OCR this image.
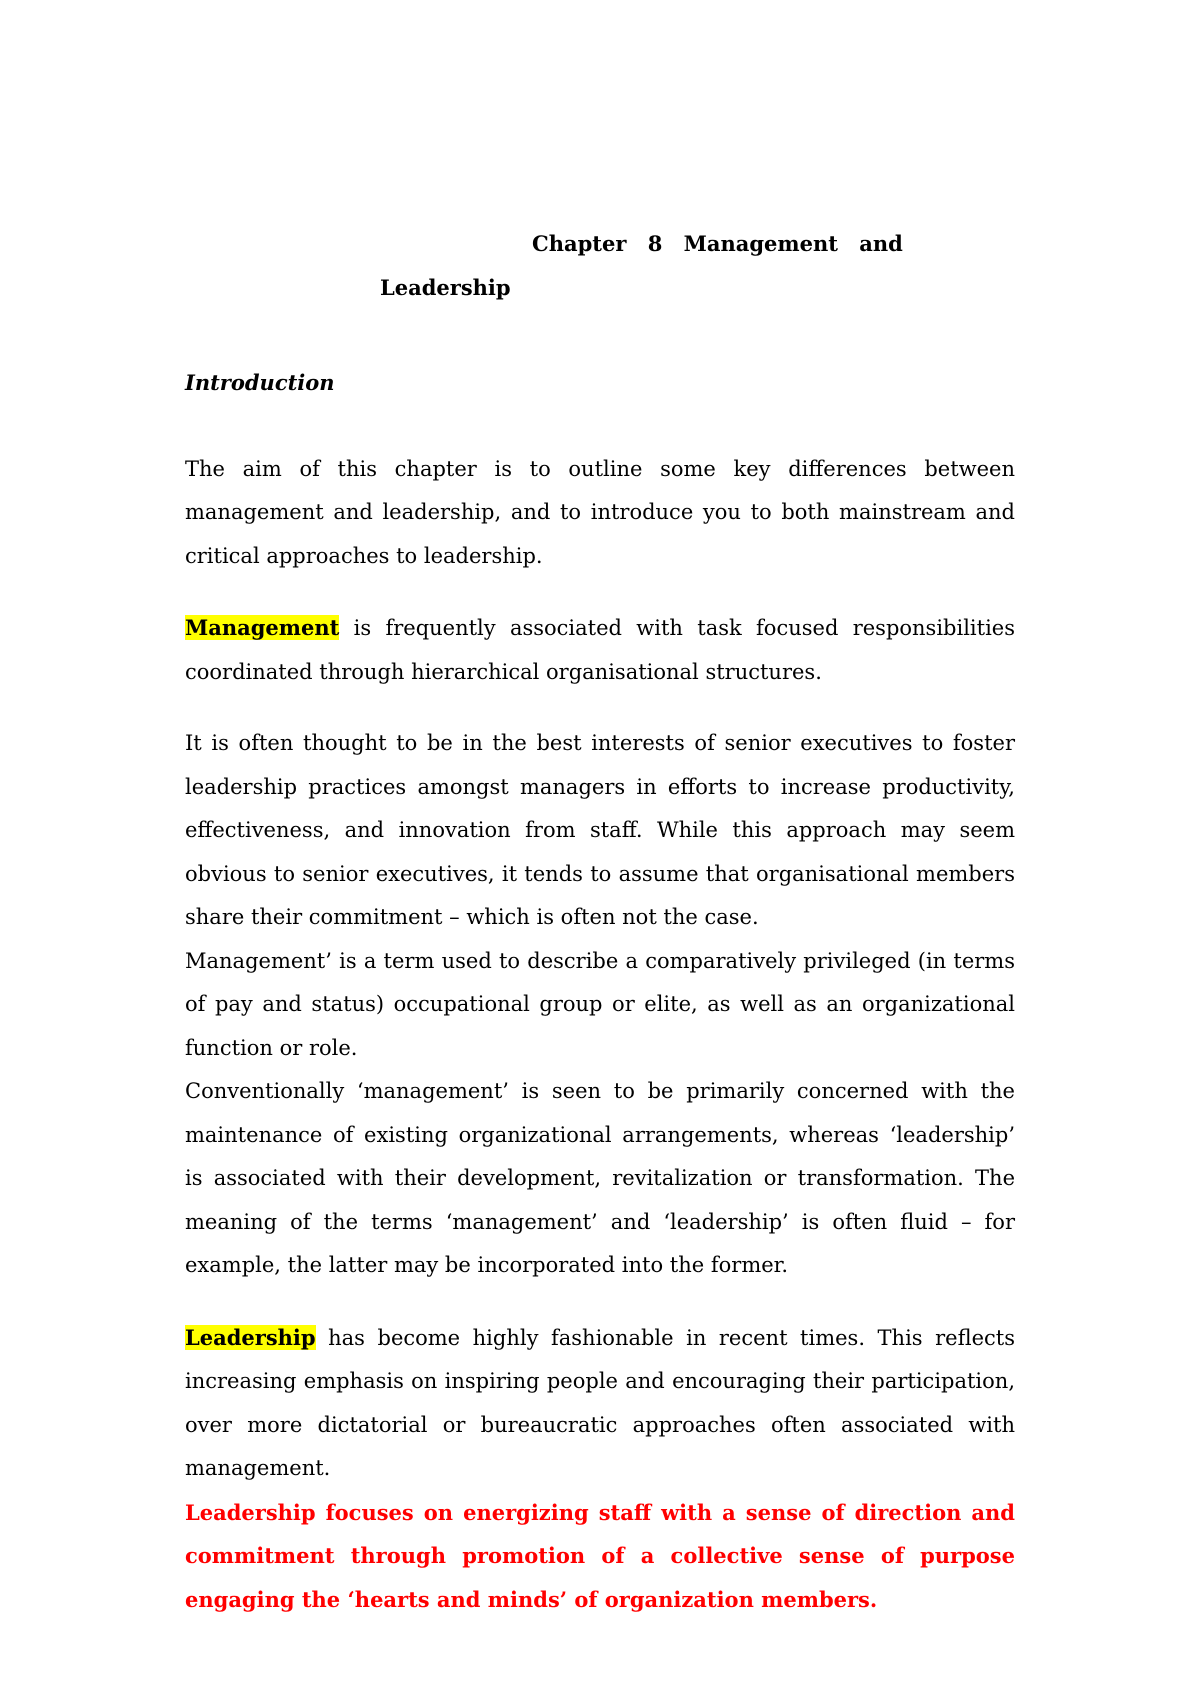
Chapter 8 Management and
Leadership
Introduction

The aim of this chapter is to outline some key differences between management and leadership, and to introduce you to both mainstream and critical approaches to leadership.

Management is frequently associated with task focused responsibilities coordinated through hierarchical organisational structures.

It is often thought to be in the best interests of senior executives to foster leadership practices amongst managers in efforts to increase productivity, effectiveness, and innovation from staff. While this approach may seem obvious to senior executives, it tends to assume that organisational members share their commitment – which is often not the case.

Management’ is a term used to describe a comparatively privileged (in terms of pay and status) occupational group or elite, as well as an organizational function or role.

Conventionally ‘management’ is seen to be primarily concerned with the maintenance of existing organizational arrangements, whereas ‘leadership’ is associated with their development, revitalization or transformation. The meaning of the terms ‘management’ and ‘leadership’ is often fluid – for example, the latter may be incorporated into the former.

Leadership has become highly fashionable in recent times. This reflects increasing emphasis on inspiring people and encouraging their participation, over more dictatorial or bureaucratic approaches often associated with management.

Leadership focuses on energizing staff with a sense of direction and commitment through promotion of a collective sense of purpose engaging the ‘hearts and minds’ of organization members.
